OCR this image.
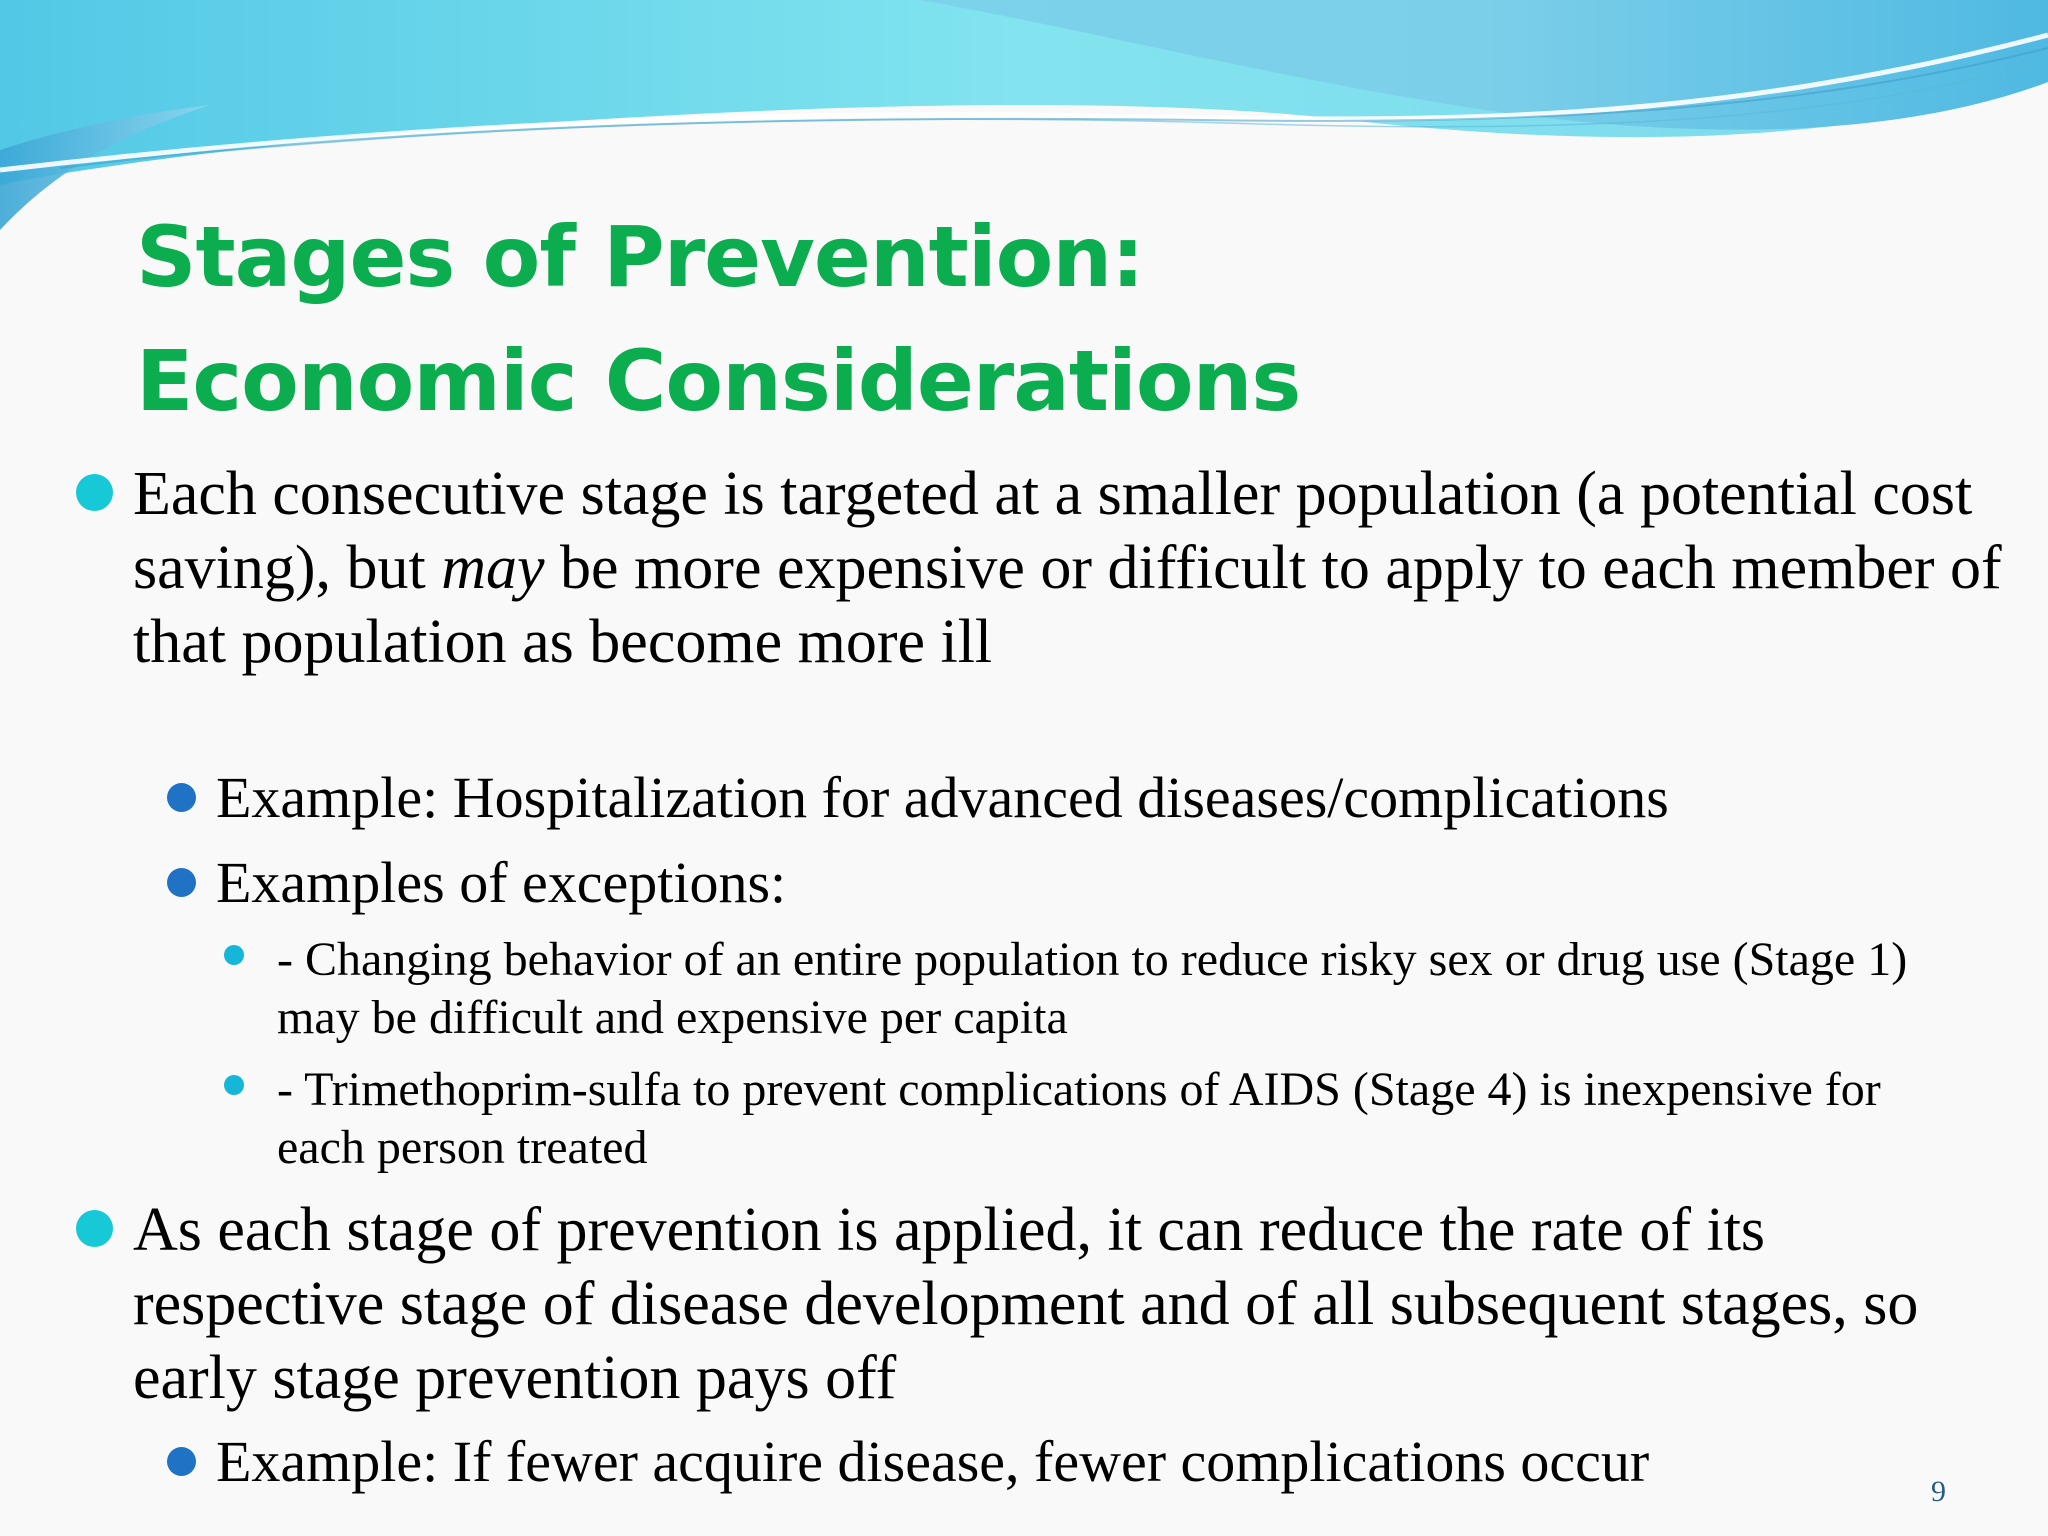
Stages of Prevention:
Economic Considerations
Each consecutive stage is targeted at a smaller population (a potential cost saving), but may be more expensive or difficult to apply to each member of that population as become more ill
Example: Hospitalization for advanced diseases/complications
Examples of exceptions:
- Changing behavior of an entire population to reduce risky sex or drug use (Stage 1) may be difficult and expensive per capita
- Trimethoprim-sulfa to prevent complications of AIDS (Stage 4) is inexpensive for each person treated
As each stage of prevention is applied, it can reduce the rate of its respective stage of disease development and of all subsequent stages, so early stage prevention pays off
Example: If fewer acquire disease, fewer complications occur	9
